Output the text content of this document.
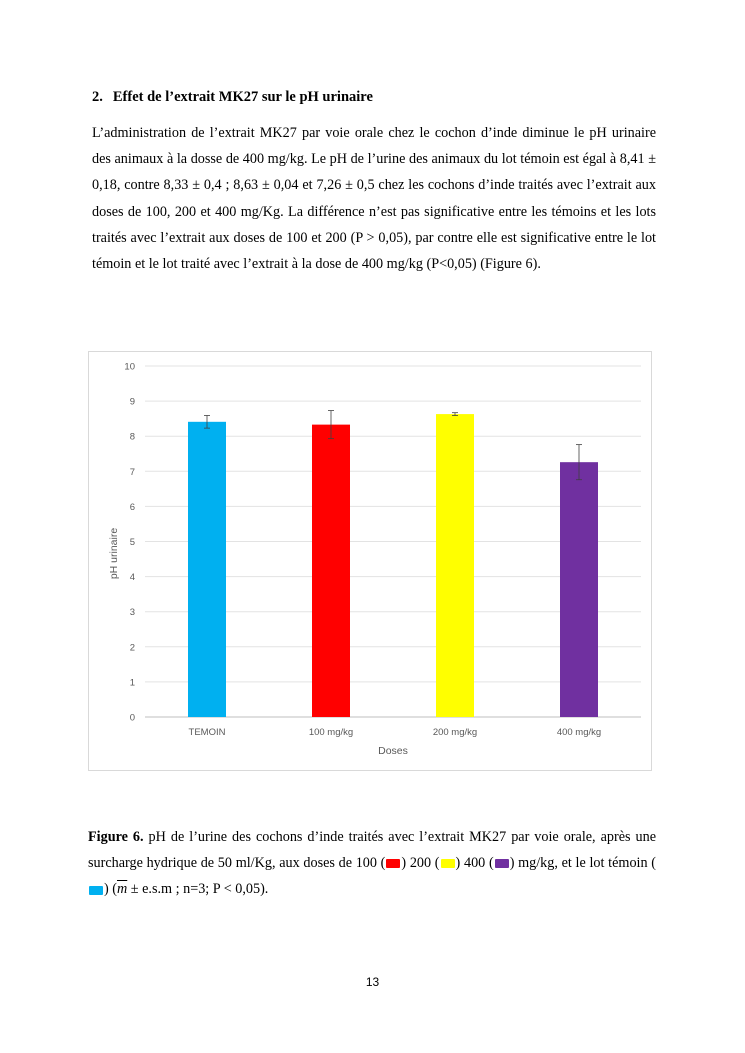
2. Effet de l’extrait MK27 sur le pH urinaire
L’administration de l’extrait MK27 par voie orale chez le cochon d’inde diminue le pH urinaire des animaux à la dosse de 400 mg/kg. Le pH de l’urine des animaux du lot témoin est égal à 8,41 ± 0,18, contre 8,33 ± 0,4 ; 8,63 ± 0,04 et 7,26 ± 0,5 chez les cochons d’inde traités avec l’extrait aux doses de 100, 200 et 400 mg/Kg. La différence n’est pas significative entre les témoins et les lots traités avec l’extrait aux doses de 100 et 200 (P > 0,05), par contre elle est significative entre le lot témoin et le lot traité avec l’extrait à la dose de 400 mg/kg (P<0,05) (Figure 6).
0
1
2
3
4
5
6
7
8
9
10
TEMOIN	100 mg/kg	200 mg/kg	400 mg/kg
pH urinaire
Doses
Figure 6. pH de l’urine des cochons d’inde traités avec l’extrait MK27 par voie orale, après une surcharge hydrique de 50 ml/Kg, aux doses de 100 ( ) 200 ( ) 400 ( ) mg/kg, et le lot témoin () ($\overline{m} \pm e.s.m$ ; n=3; P < 0,05).
13
